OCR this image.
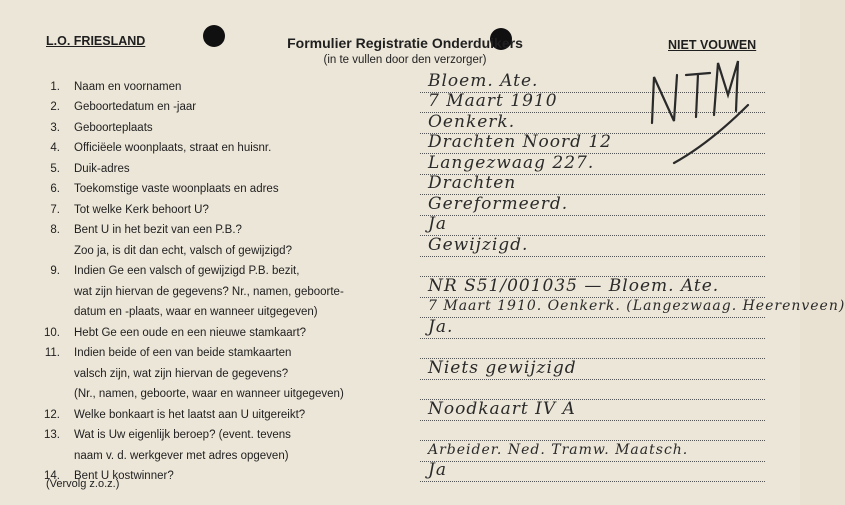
L.O. FRIESLAND	Formulier Registratie Onderduikers
(in te vullen door den verzorger)
NIET VOUWEN
1. Naam en voornamen	Bloem. Ate.
2. Geboortedatum en -jaar	7 Maart 1910
3. Geboorteplaats	Oenkerk.
4. Officiëele woonplaats, straat en huisnr.	Drachten Noord 12
5. Duik-adres	Langezwaag 227.
6. Toekomstige vaste woonplaats en adres	Drachten
7. Tot welke Kerk behoort U?	Gereformeerd.
8. Bent U in het bezit van een P.B.?	Ja
Zoo ja, is dit dan echt, valsch of gewijzigd?	Gewijzigd.
9. Indien Ge een valsch of gewijzigd P.B. bezit,
wat zijn hiervan de gegevens? Nr., namen, geboorte-	NR S51/001035 — Bloem. Ate.
datum en -plaats, waar en wanneer uitgegeven)	7 Maart 1910. Oenkerk. (Langezwaag. Heerenveen)
10. Hebt Ge een oude en een nieuwe stamkaart?	Ja.
11. Indien beide of een van beide stamkaarten
valsch zijn, wat zijn hiervan de gegevens?	Niets gewijzigd
(Nr., namen, geboorte, waar en wanneer uitgegeven)
12. Welke bonkaart is het laatst aan U uitgereikt?	Noodkaart IV A
13. Wat is Uw eigenlijk beroep? (event. tevens
naam v. d. werkgever met adres opgeven)	Arbeider. Ned. Tramw. Maatsch.
14. Bent U kostwinner?	Ja
(Vervolg z.o.z.)
